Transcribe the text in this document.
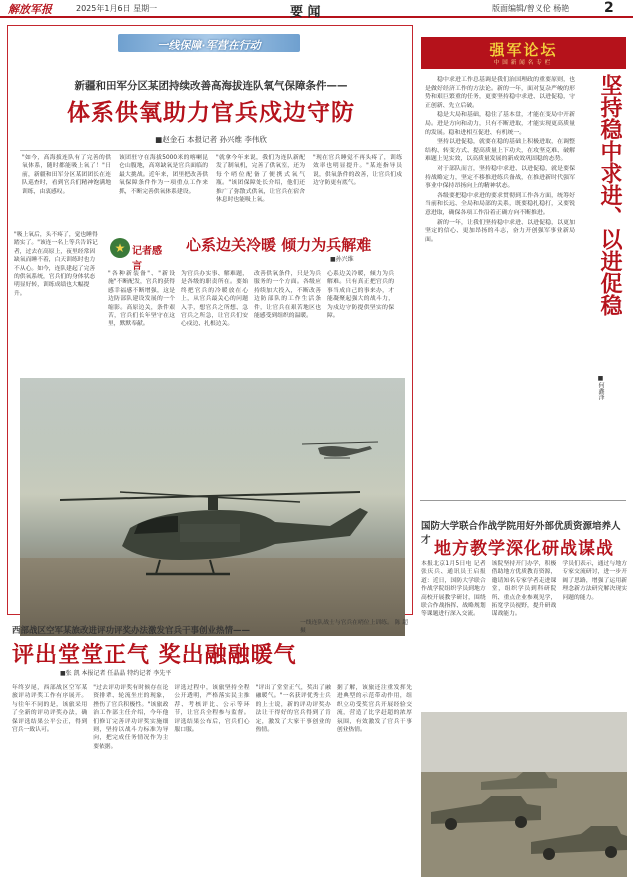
解放军报	2025年1月6日 星期一	要 闻	版面编辑/曾义伦 杨艳 2
一线保障·军营在行动
新疆和田军分区某团持续改善高海拔连队氧气保障条件——
体系供氧助力官兵戍边守防
■赵金石 本报记者 孙兴维 李伟欣

"如今，高海拔连队有了完善的供氧体系，随时都能吸上氧了！"日前，新疆和田军分区某团团长在连队巡查时，看到官兵们精神饱满地训练，由衷感叹。

该团驻守在海拔5000米的喀喇昆仑山腹地，高寒缺氧是官兵面临的最大挑战。近年来，团里把改善供氧保障条件作为一项重点工作来抓，不断完善供氧体系建设。

"就拿今年来说，我们为连队新配发了制氧机，完善了供氧室，还为每个哨位配备了便携式氧气瓶。"该团保障处长介绍，他们还推广了弥散式供氧，让官兵在宿舍休息时也能吸上氧。

"现在官兵睡觉不再头疼了，训练效率也明显提升。"某连指导员说，供氧条件的改善，让官兵们戍边守防更有底气。

"吸上氧后，头不疼了，觉也睡得踏实了。"该连一名上等兵告诉记者，过去在高原上，夜里经常因缺氧而睡不着，白天训练时也力不从心。如今，连队建起了完善的供氧系统，官兵们的身体状态明显好转，训练成绩也大幅提升。
★ 记者感言
心系边关冷暖 倾力为兵解难
■孙兴维

"各种新装备"、"新设施"不断配发，官兵的获得感幸福感不断增强，这是边防部队建设发展的一个缩影。高原边关，条件艰苦，官兵们长年坚守在这里，默默奉献。

为官兵办实事、解难题，是各级的职责所在。要始终把官兵的冷暖放在心上，从官兵最关心的问题入手，想官兵之所想、急官兵之所急，让官兵们安心戍边、扎根边关。

改善供氧条件，只是为兵服务的一个方面。各级应持续加大投入，不断改善边防部队的工作生活条件，让官兵在艰苦地区也能感受到组织的温暖。

心系边关冷暖，倾力为兵解难。只有真正把官兵的事当成自己的事来办，才能凝聚起强大的战斗力，为戍边守防提供坚实的保障。

强军论坛
中国新闻名专栏
坚持稳中求进、以进促稳
■何鑫泽

稳中求进工作总基调是我们治国理政的重要原则，也是做好经济工作的方法论。新的一年，面对复杂严峻的形势和艰巨繁重的任务，更要坚持稳中求进、以进促稳，守正创新、先立后破。

稳是大局和基础，稳住了基本盘，才能在变局中开新局。进是方向和动力，只有不断进取，才能实现更高质量的发展。稳和进相互促进、有机统一。

坚持以进促稳，就要在稳的基础上积极进取，在调整结构、转变方式、提高质量上下功夫，在攻坚克难、破解难题上见实效，以高质量发展的新成效巩固稳的态势。

对于部队而言，坚持稳中求进、以进促稳，就是要保持战略定力，坚定不移推进练兵备战，在推进新时代强军事业中保持昂扬向上的精神状态。

各级要把稳中求进的要求贯彻到工作各方面，统筹好当前和长远、全局和局部的关系，既要稳扎稳打，又要锐意进取，确保各项工作沿着正确方向不断推进。

新的一年，让我们坚持稳中求进、以进促稳，以更加坚定的信心、更加昂扬的斗志，奋力开创强军事业新局面。

国防大学联合作战学院用好外部优质资源培养人才 地方教学深化研战谋战

本报北京1月5日电 记者张庆兵、通讯员王启报道：近日，国防大学联合作战学院组织学员到地方高校开展教学研讨，围绕联合作战指挥、战略规划等课题进行深入交流。

该院坚持开门办学，积极借助地方优质教育资源，邀请知名专家学者走进课堂，组织学员到科研院所、重点企业参观见学，拓宽学员视野，提升研战谋战能力。

学员们表示，通过与地方专家交流研讨，进一步开阔了思路，增强了运用新理念新方法研究解决现实问题的能力。

一线连队战士与官兵在哨位上训练。 陈 超摄
西部战区空军某旅改进评功评奖办法激发官兵干事创业热情——
评出堂堂正气 奖出融融暖气
■张 凯 本报记者 任晶晶 特约记者 李先平

年终岁尾，西部战区空军某旅评功评奖工作有序展开。与往年不同的是，该旅采用了全新的评功评奖办法，确保评选结果公平公正，得到官兵一致认可。

"过去评功评奖有时候存在论资排辈、轮流坐庄的现象，挫伤了官兵积极性。"该旅政治工作部主任介绍，今年他们修订完善评功评奖实施细则，坚持以战斗力标准为导向，把完成任务情况作为主要依据。

评选过程中，该旅坚持全程公开透明，严格落实民主推荐、考核评比、公示等环节，让官兵全程参与监督。评选结果公布后，官兵们心服口服。

"评出了堂堂正气，奖出了融融暖气。"一名获评优秀士兵的上士说，新的评功评奖办法让干得好的官兵得到了肯定，激发了大家干事创业的热情。

据了解，该旅还注重发挥先进典型的示范带动作用，组织立功受奖官兵开展经验交流，营造了比学赶超的浓厚氛围，有效激发了官兵干事创业热情。
